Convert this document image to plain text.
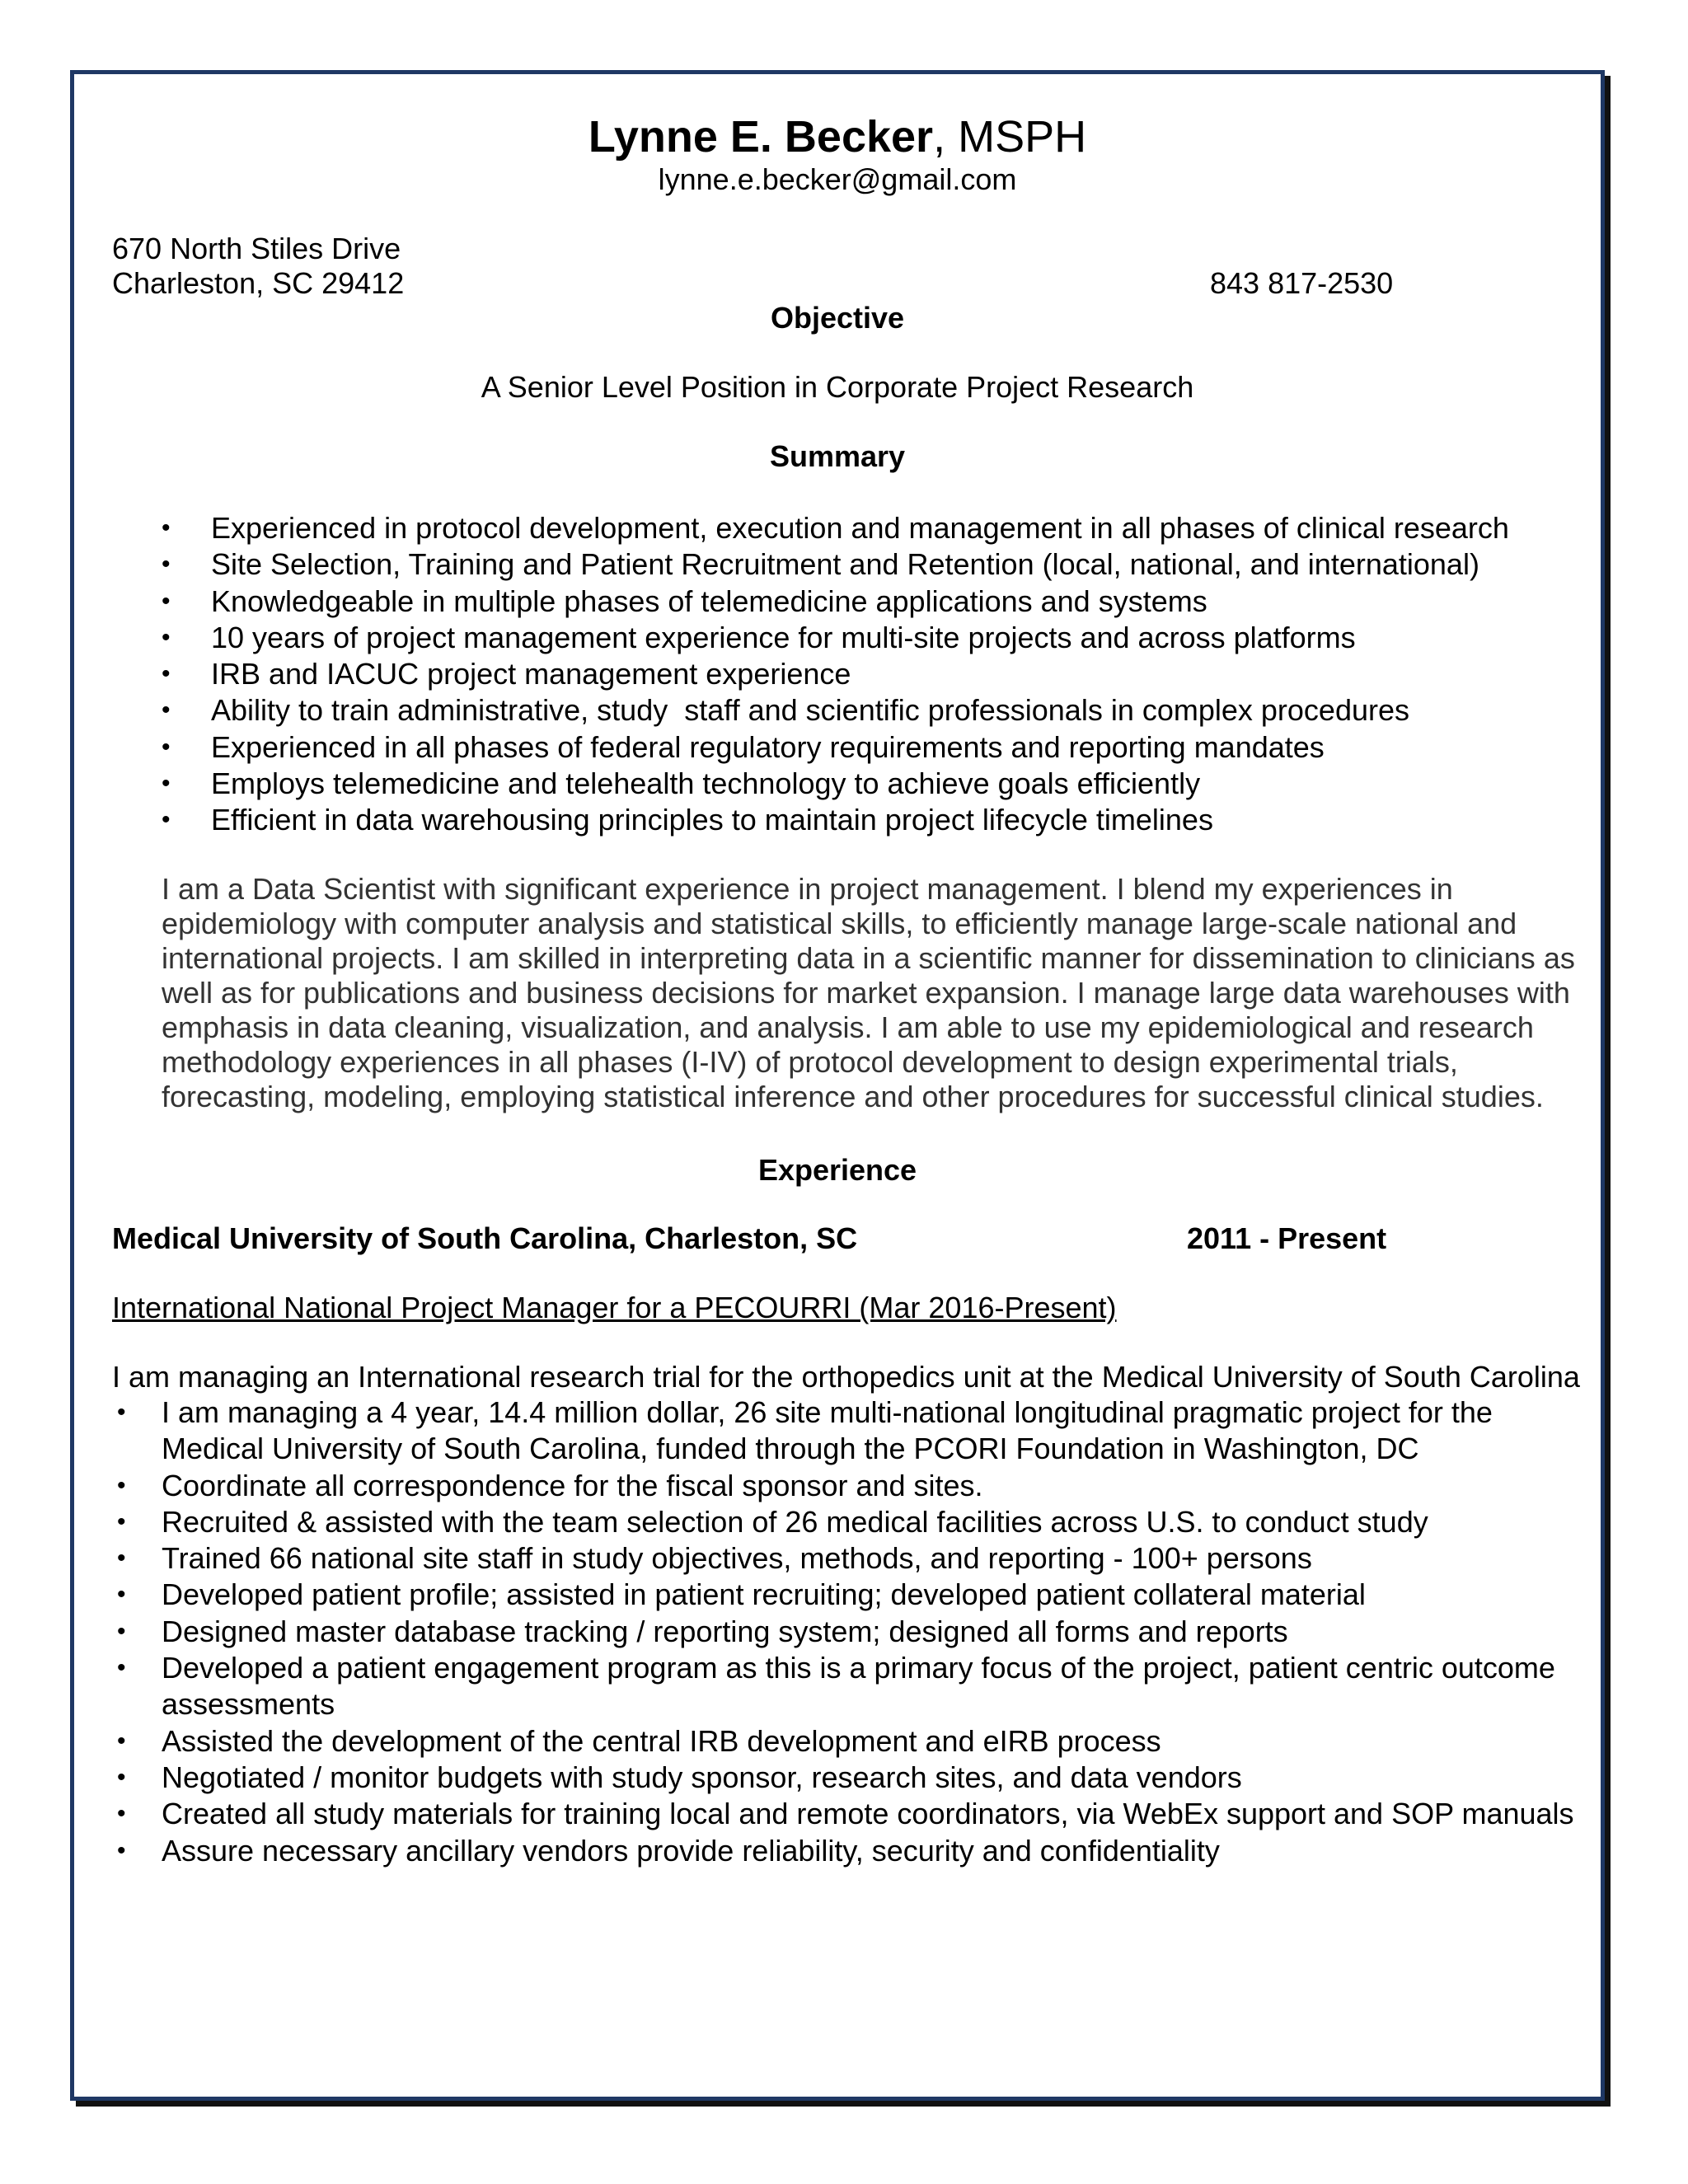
Lynne E. Becker, MSPH
lynne.e.becker@gmail.com
670 North Stiles Drive
Charleston, SC 29412	843 817-2530
Objective
A Senior Level Position in Corporate Project Research
Summary
• Experienced in protocol development, execution and management in all phases of clinical research
• Site Selection, Training and Patient Recruitment and Retention (local, national, and international)
• Knowledgeable in multiple phases of telemedicine applications and systems
• 10 years of project management experience for multi-site projects and across platforms
• IRB and IACUC project management experience
• Ability to train administrative, study  staff and scientific professionals in complex procedures
• Experienced in all phases of federal regulatory requirements and reporting mandates
• Employs telemedicine and telehealth technology to achieve goals efficiently
• Efficient in data warehousing principles to maintain project lifecycle timelines
I am a Data Scientist with significant experience in project management. I blend my experiences in
epidemiology with computer analysis and statistical skills, to efficiently manage large-scale national and
international projects. I am skilled in interpreting data in a scientific manner for dissemination to clinicians as
well as for publications and business decisions for market expansion. I manage large data warehouses with
emphasis in data cleaning, visualization, and analysis. I am able to use my epidemiological and research
methodology experiences in all phases (I-IV) of protocol development to design experimental trials,
forecasting, modeling, employing statistical inference and other procedures for successful clinical studies.
Experience
Medical University of South Carolina, Charleston, SC	2011 - Present
International National Project Manager for a PECOURRI (Mar 2016-Present)
I am managing an International research trial for the orthopedics unit at the Medical University of South Carolina
• I am managing a 4 year, 14.4 million dollar, 26 site multi-national longitudinal pragmatic project for the
Medical University of South Carolina, funded through the PCORI Foundation in Washington, DC
• Coordinate all correspondence for the fiscal sponsor and sites.
• Recruited & assisted with the team selection of 26 medical facilities across U.S. to conduct study
• Trained 66 national site staff in study objectives, methods, and reporting - 100+ persons
• Developed patient profile; assisted in patient recruiting; developed patient collateral material
• Designed master database tracking / reporting system; designed all forms and reports
• Developed a patient engagement program as this is a primary focus of the project, patient centric outcome
assessments
• Assisted the development of the central IRB development and eIRB process
• Negotiated / monitor budgets with study sponsor, research sites, and data vendors
• Created all study materials for training local and remote coordinators, via WebEx support and SOP manuals
• Assure necessary ancillary vendors provide reliability, security and confidentiality
